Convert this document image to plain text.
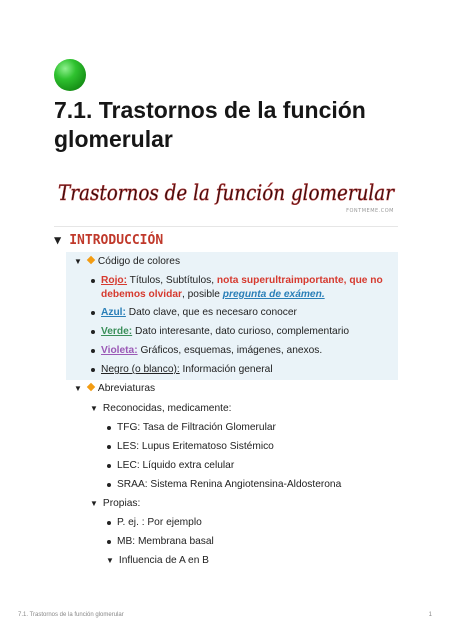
7.1. Trastornos de la función glomerular
Trastornos de la función glomerular
FONTMEME.COM
▼ INTRODUCCIÓN
▼ Código de colores
Rojo: Títulos, Subtítulos, nota superultraimportante, que no
debemos olvidar, posible pregunta de exámen.
Azul: Dato clave, que es necesaro conocer
Verde: Dato interesante, dato curioso, complementario
Violeta: Gráficos, esquemas, imágenes, anexos.
Negro (o blanco): Información general
▼ Abreviaturas
▼ Reconocidas, medicamente:
TFG: Tasa de Filtración Glomerular
LES: Lupus Eritematoso Sistémico
LEC: Líquido extra celular
SRAA: Sistema Renina Angiotensina-Aldosterona
▼ Propias:
P. ej. : Por ejemplo
MB: Membrana basal
▼ Influencia de A en B
7.1. Trastornos de la función glomerular	1
